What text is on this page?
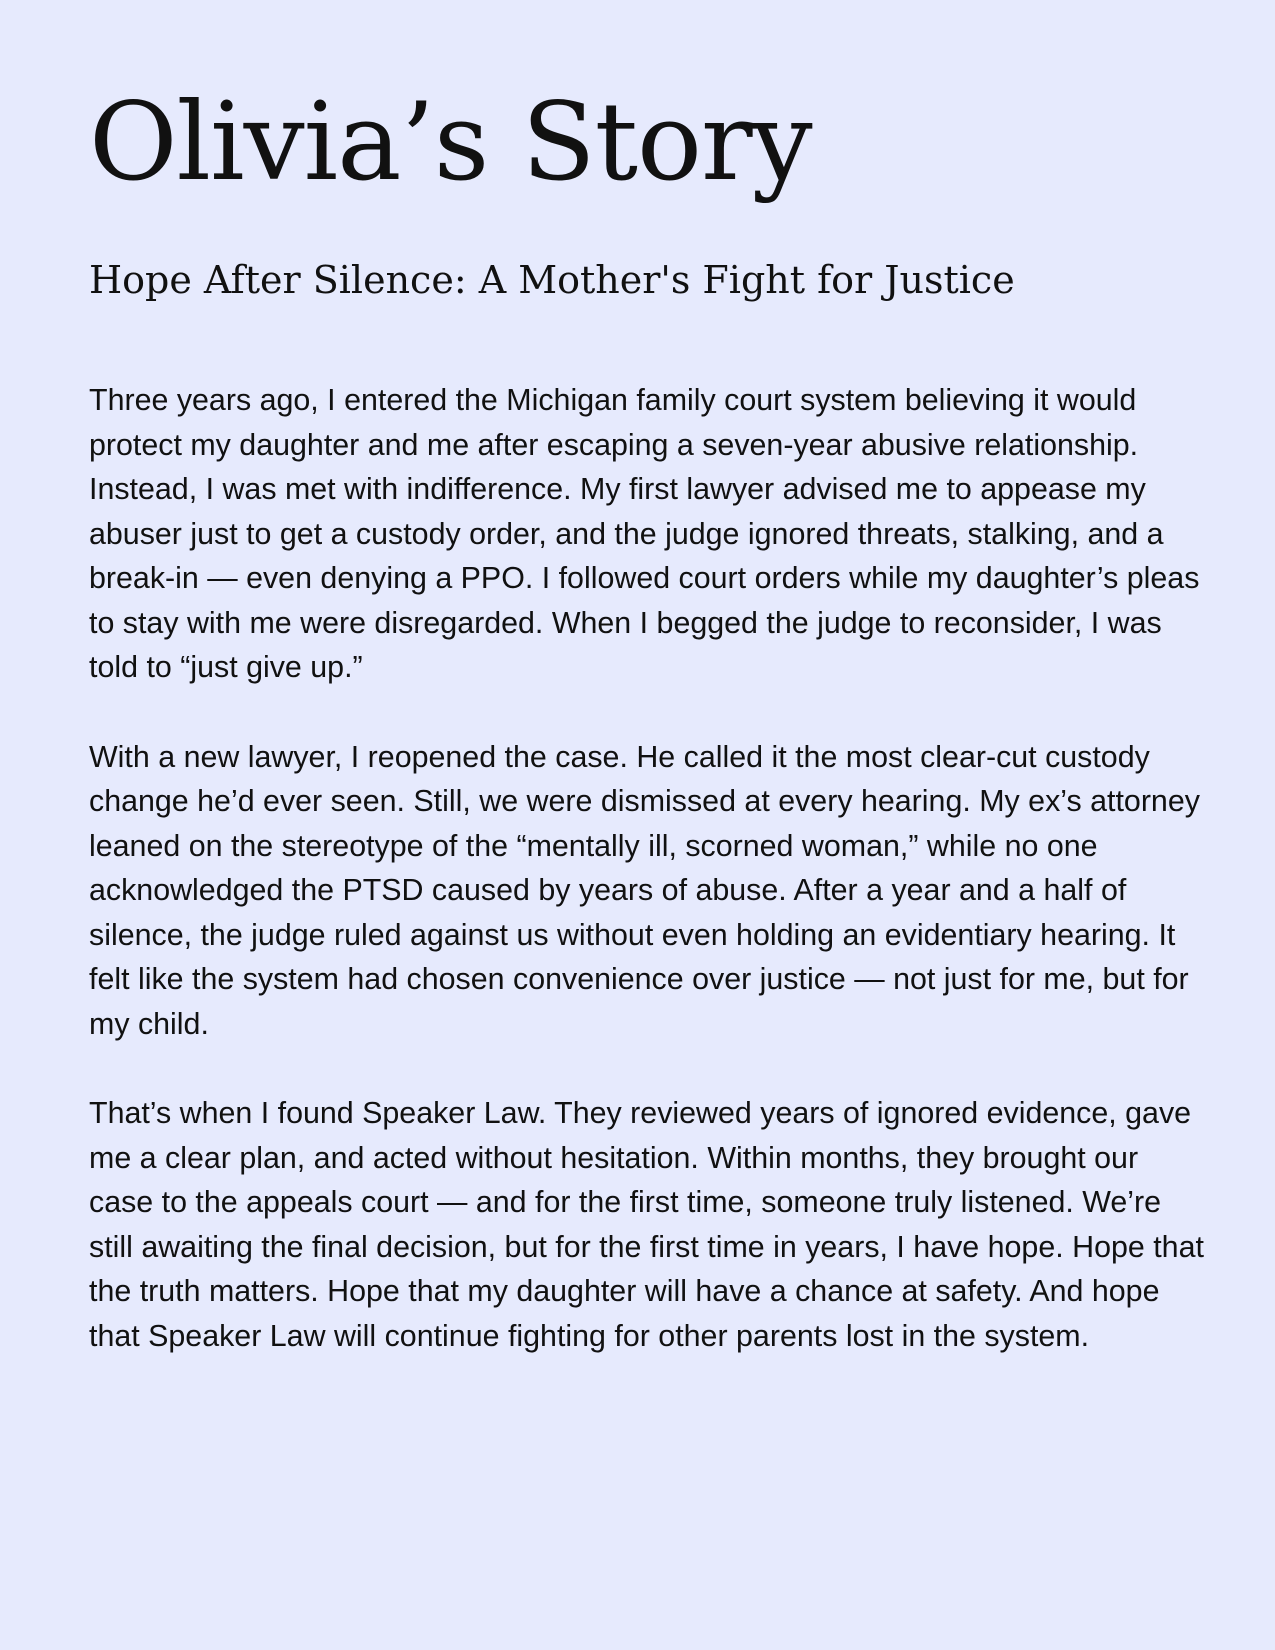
Olivia’s Story
Hope After Silence: A Mother's Fight for Justice

Three years ago, I entered the Michigan family court system believing it would protect my daughter and me after escaping a seven-year abusive relationship. Instead, I was met with indifference. My first lawyer advised me to appease my abuser just to get a custody order, and the judge ignored threats, stalking, and a break-in — even denying a PPO. I followed court orders while my daughter’s pleas to stay with me were disregarded. When I begged the judge to reconsider, I was told to “just give up.”

With a new lawyer, I reopened the case. He called it the most clear-cut custody change he’d ever seen. Still, we were dismissed at every hearing. My ex’s attorney leaned on the stereotype of the “mentally ill, scorned woman,” while no one acknowledged the PTSD caused by years of abuse. After a year and a half of silence, the judge ruled against us without even holding an evidentiary hearing. It felt like the system had chosen convenience over justice — not just for me, but for my child.

That’s when I found Speaker Law. They reviewed years of ignored evidence, gave me a clear plan, and acted without hesitation. Within months, they brought our case to the appeals court — and for the first time, someone truly listened. We’re still awaiting the final decision, but for the first time in years, I have hope. Hope that the truth matters. Hope that my daughter will have a chance at safety. And hope that Speaker Law will continue fighting for other parents lost in the system.
